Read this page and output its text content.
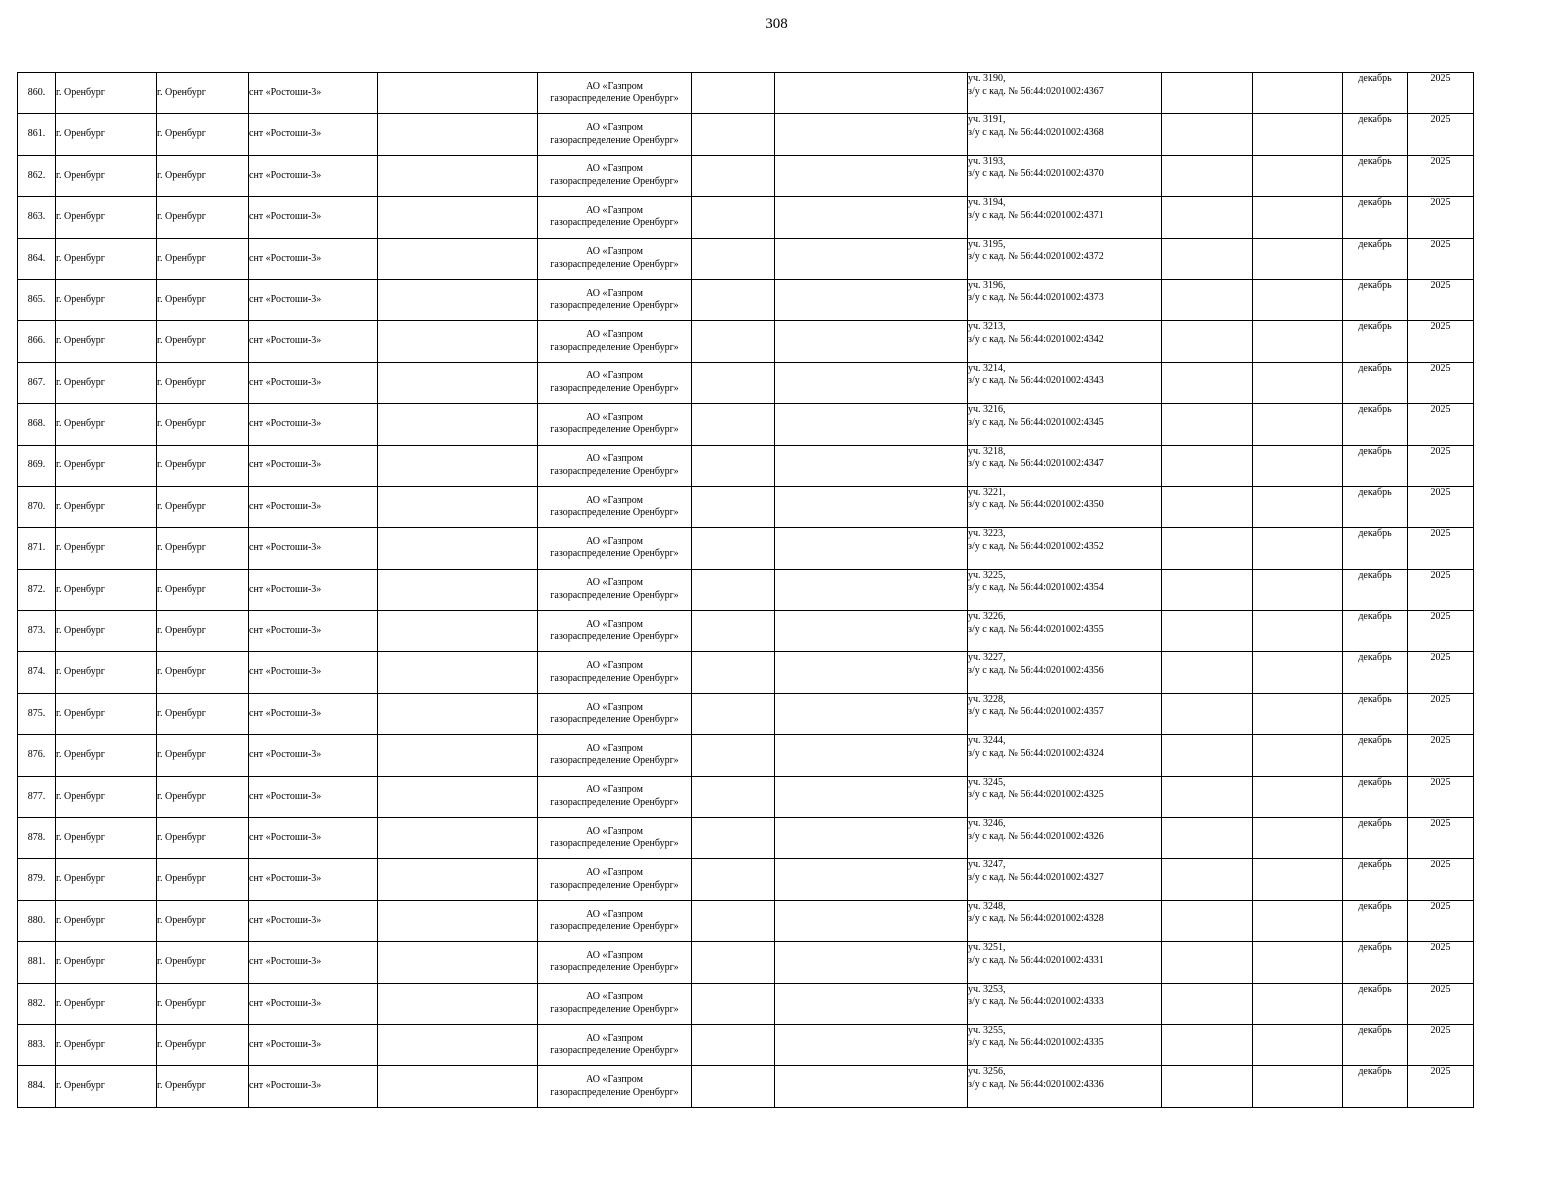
308
860.	г. Оренбург	г. Оренбург	снт «Ростоши-3»		АО «Газпром
газораспределение Оренбург»			уч. 3190,
з/у с кад. № 56:44:0201002:4367			декабрь	2025
861.	г. Оренбург	г. Оренбург	снт «Ростоши-3»		АО «Газпром
газораспределение Оренбург»			уч. 3191,
з/у с кад. № 56:44:0201002:4368			декабрь	2025
862.	г. Оренбург	г. Оренбург	снт «Ростоши-3»		АО «Газпром
газораспределение Оренбург»			уч. 3193,
з/у с кад. № 56:44:0201002:4370			декабрь	2025
863.	г. Оренбург	г. Оренбург	снт «Ростоши-3»		АО «Газпром
газораспределение Оренбург»			уч. 3194,
з/у с кад. № 56:44:0201002:4371			декабрь	2025
864.	г. Оренбург	г. Оренбург	снт «Ростоши-3»		АО «Газпром
газораспределение Оренбург»			уч. 3195,
з/у с кад. № 56:44:0201002:4372			декабрь	2025
865.	г. Оренбург	г. Оренбург	снт «Ростоши-3»		АО «Газпром
газораспределение Оренбург»			уч. 3196,
з/у с кад. № 56:44:0201002:4373			декабрь	2025
866.	г. Оренбург	г. Оренбург	снт «Ростоши-3»		АО «Газпром
газораспределение Оренбург»			уч. 3213,
з/у с кад. № 56:44:0201002:4342			декабрь	2025
867.	г. Оренбург	г. Оренбург	снт «Ростоши-3»		АО «Газпром
газораспределение Оренбург»			уч. 3214,
з/у с кад. № 56:44:0201002:4343			декабрь	2025
868.	г. Оренбург	г. Оренбург	снт «Ростоши-3»		АО «Газпром
газораспределение Оренбург»			уч. 3216,
з/у с кад. № 56:44:0201002:4345			декабрь	2025
869.	г. Оренбург	г. Оренбург	снт «Ростоши-3»		АО «Газпром
газораспределение Оренбург»			уч. 3218,
з/у с кад. № 56:44:0201002:4347			декабрь	2025
870.	г. Оренбург	г. Оренбург	снт «Ростоши-3»		АО «Газпром
газораспределение Оренбург»			уч. 3221,
з/у с кад. № 56:44:0201002:4350			декабрь	2025
871.	г. Оренбург	г. Оренбург	снт «Ростоши-3»		АО «Газпром
газораспределение Оренбург»			уч. 3223,
з/у с кад. № 56:44:0201002:4352			декабрь	2025
872.	г. Оренбург	г. Оренбург	снт «Ростоши-3»		АО «Газпром
газораспределение Оренбург»			уч. 3225,
з/у с кад. № 56:44:0201002:4354			декабрь	2025
873.	г. Оренбург	г. Оренбург	снт «Ростоши-3»		АО «Газпром
газораспределение Оренбург»			уч. 3226,
з/у с кад. № 56:44:0201002:4355			декабрь	2025
874.	г. Оренбург	г. Оренбург	снт «Ростоши-3»		АО «Газпром
газораспределение Оренбург»			уч. 3227,
з/у с кад. № 56:44:0201002:4356			декабрь	2025
875.	г. Оренбург	г. Оренбург	снт «Ростоши-3»		АО «Газпром
газораспределение Оренбург»			уч. 3228,
з/у с кад. № 56:44:0201002:4357			декабрь	2025
876.	г. Оренбург	г. Оренбург	снт «Ростоши-3»		АО «Газпром
газораспределение Оренбург»			уч. 3244,
з/у с кад. № 56:44:0201002:4324			декабрь	2025
877.	г. Оренбург	г. Оренбург	снт «Ростоши-3»		АО «Газпром
газораспределение Оренбург»			уч. 3245,
з/у с кад. № 56:44:0201002:4325			декабрь	2025
878.	г. Оренбург	г. Оренбург	снт «Ростоши-3»		АО «Газпром
газораспределение Оренбург»			уч. 3246,
з/у с кад. № 56:44:0201002:4326			декабрь	2025
879.	г. Оренбург	г. Оренбург	снт «Ростоши-3»		АО «Газпром
газораспределение Оренбург»			уч. 3247,
з/у с кад. № 56:44:0201002:4327			декабрь	2025
880.	г. Оренбург	г. Оренбург	снт «Ростоши-3»		АО «Газпром
газораспределение Оренбург»			уч. 3248,
з/у с кад. № 56:44:0201002:4328			декабрь	2025
881.	г. Оренбург	г. Оренбург	снт «Ростоши-3»		АО «Газпром
газораспределение Оренбург»			уч. 3251,
з/у с кад. № 56:44:0201002:4331			декабрь	2025
882.	г. Оренбург	г. Оренбург	снт «Ростоши-3»		АО «Газпром
газораспределение Оренбург»			уч. 3253,
з/у с кад. № 56:44:0201002:4333			декабрь	2025
883.	г. Оренбург	г. Оренбург	снт «Ростоши-3»		АО «Газпром
газораспределение Оренбург»			уч. 3255,
з/у с кад. № 56:44:0201002:4335			декабрь	2025
884.	г. Оренбург	г. Оренбург	снт «Ростоши-3»		АО «Газпром
газораспределение Оренбург»			уч. 3256,
з/у с кад. № 56:44:0201002:4336			декабрь	2025
